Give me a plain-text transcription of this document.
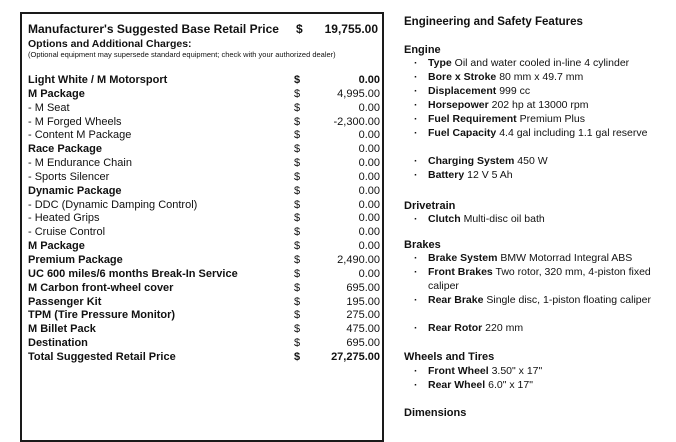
Manufacturer's Suggested Base Retail Price $ 19,755.00
Options and Additional Charges:
(Optional equipment may supersede standard equipment; check with your authorized dealer)
Light White / M Motorsport	$	0.00
M Package	$	4,995.00
- M Seat	$	0.00
- M Forged Wheels	$	-2,300.00
- Content M Package	$	0.00
Race Package	$	0.00
- M Endurance Chain	$	0.00
- Sports Silencer	$	0.00
Dynamic Package	$	0.00
- DDC (Dynamic Damping Control)	$	0.00
- Heated Grips	$	0.00
- Cruise Control	$	0.00
M Package	$	0.00
Premium Package	$	2,490.00
UC 600 miles/6 months Break-In Service	$	0.00
M Carbon front-wheel cover	$	695.00
Passenger Kit	$	195.00
TPM (Tire Pressure Monitor)	$	275.00
M Billet Pack	$	475.00
Destination	$	695.00
Total Suggested Retail Price	$	27,275.00
Engineering and Safety Features
Engine
·	Type Oil and water cooled in-line 4 cylinder
·	Bore x Stroke 80 mm x 49.7 mm
·	Displacement 999 cc
·	Horsepower 202 hp at 13000 rpm
·	Fuel Requirement Premium Plus
·	Fuel Capacity 4.4 gal including 1.1 gal reserve
·	Charging System 450 W
·	Battery 12 V 5 Ah
Drivetrain
·	Clutch Multi-disc oil bath
Brakes
·	Brake System BMW Motorrad Integral ABS
·	Front Brakes Two rotor, 320 mm, 4-piston fixed caliper
·	Rear Brake Single disc, 1-piston floating caliper
·	Rear Rotor 220 mm
Wheels and Tires
·	Front Wheel 3.50" x 17"
·	Rear Wheel 6.0" x 17"
Dimensions
